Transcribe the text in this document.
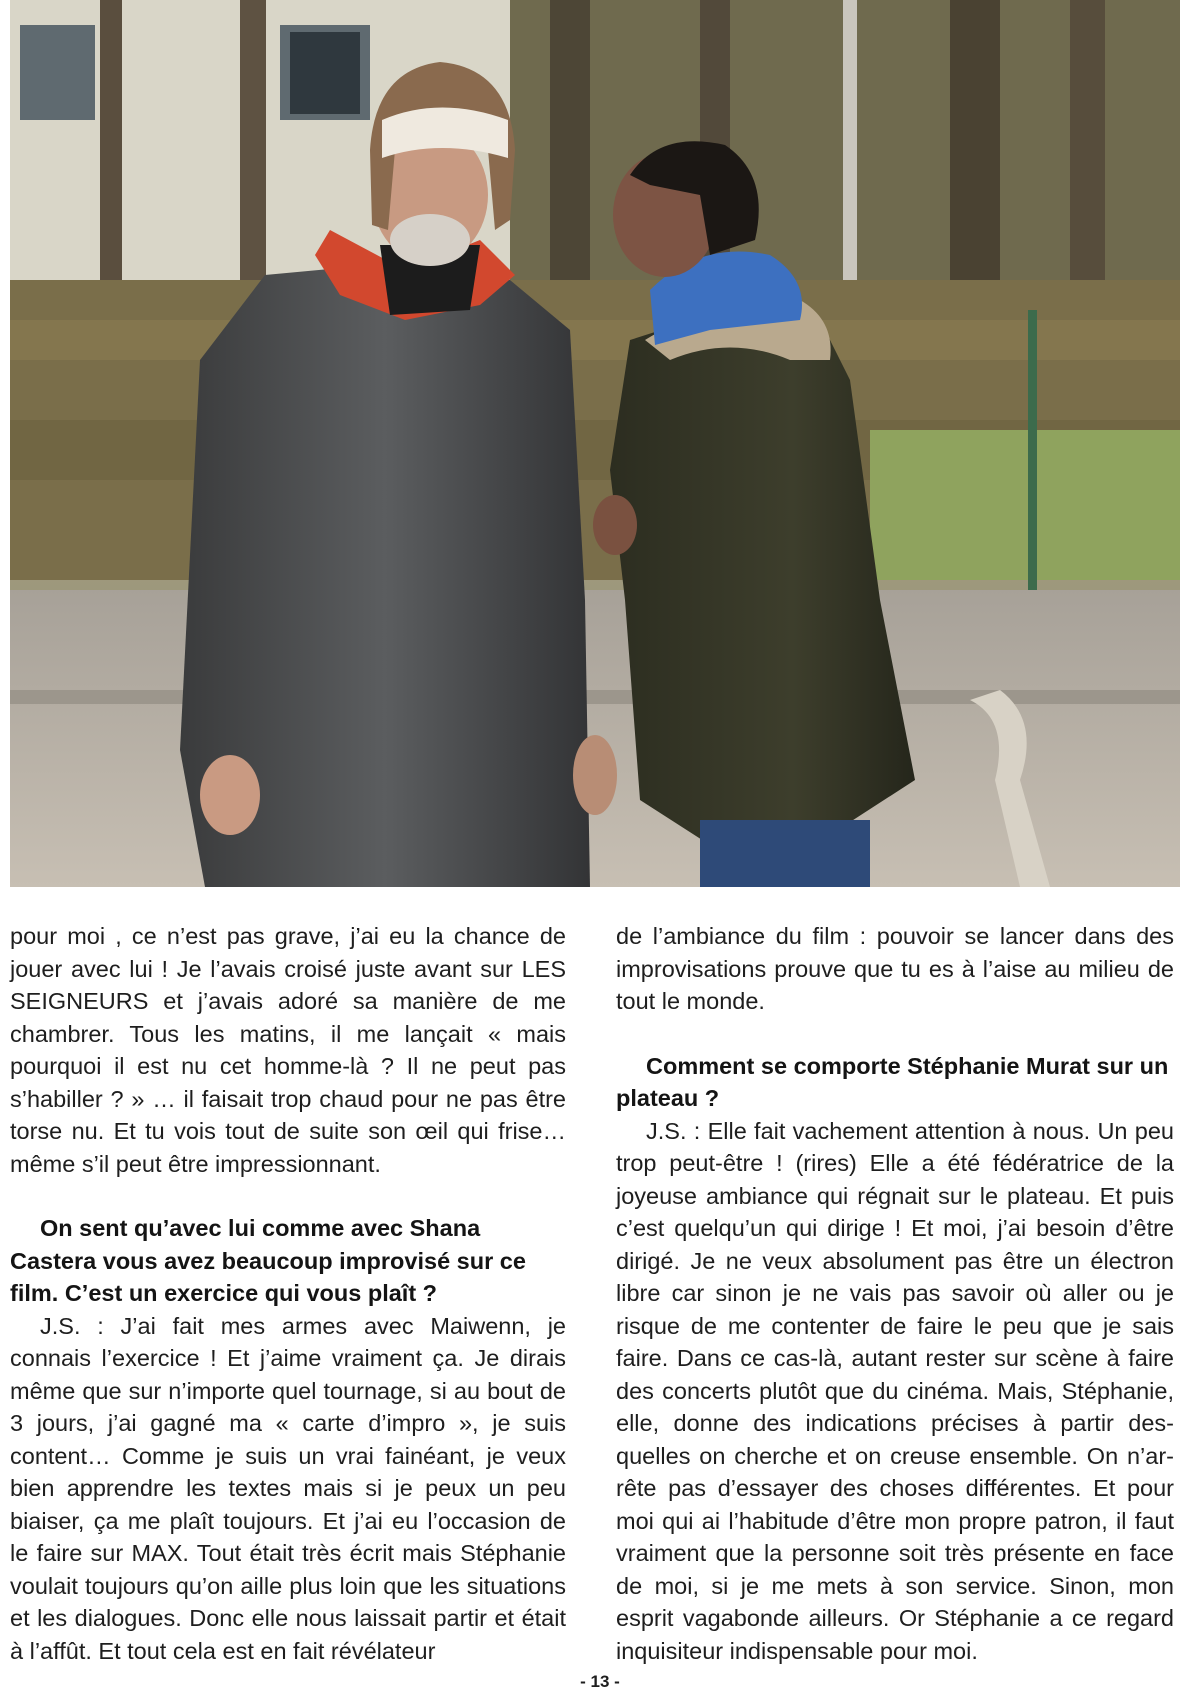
pour moi , ce n’est pas grave, j’ai eu la chance de jouer avec lui ! Je l’avais croisé juste avant sur LES SEIGNEURS et j’avais adoré sa manière de me chambrer. Tous les matins, il me lançait « mais pourquoi il est nu cet homme-là ? Il ne peut pas s’habiller ? » … il faisait trop chaud pour ne pas être torse nu. Et tu vois tout de suite son œil qui frise… même s’il peut être impressionnant.

On sent qu’avec lui comme avec Shana Castera vous avez beaucoup improvisé sur ce film. C’est un exercice qui vous plaît ?

J.S. : J’ai fait mes armes avec Maiwenn, je connais l’exercice ! Et j’aime vraiment ça. Je dirais même que sur n’importe quel tournage, si au bout de 3 jours, j’ai gagné ma « carte d’impro », je suis content… Comme je suis un vrai fainéant, je veux bien apprendre les textes mais si je peux un peu biaiser, ça me plaît toujours. Et j’ai eu l’occasion de le faire sur MAX. Tout était très écrit mais Stéphanie voulait toujours qu’on aille plus loin que les situations et les dialogues. Donc elle nous laissait partir et était à l’affût. Et tout cela est en fait révélateur

de l’ambiance du film : pouvoir se lancer dans des improvisations prouve que tu es à l’aise au milieu de tout le monde.

Comment se comporte Stéphanie Murat sur un plateau ?

J.S. : Elle fait vachement attention à nous. Un peu trop peut-être ! (rires) Elle a été fédératrice de la joyeuse ambiance qui régnait sur le plateau. Et puis c’est quelqu’un qui dirige ! Et moi, j’ai besoin d’être dirigé. Je ne veux absolument pas être un électron libre car sinon je ne vais pas savoir où aller ou je risque de me contenter de faire le peu que je sais faire. Dans ce cas-là, autant rester sur scène à faire des concerts plutôt que du cinéma. Mais, Stéphanie, elle, donne des indications précises à partir desquelles on cherche et on creuse ensemble. On n’arrête pas d’essayer des choses différentes. Et pour moi qui ai l’habitude d’être mon propre patron, il faut vraiment que la personne soit très présente en face de moi, si je me mets à son service. Sinon, mon esprit vagabonde ailleurs. Or Stéphanie a ce regard inquisiteur indispensable pour moi.

- 13 -
